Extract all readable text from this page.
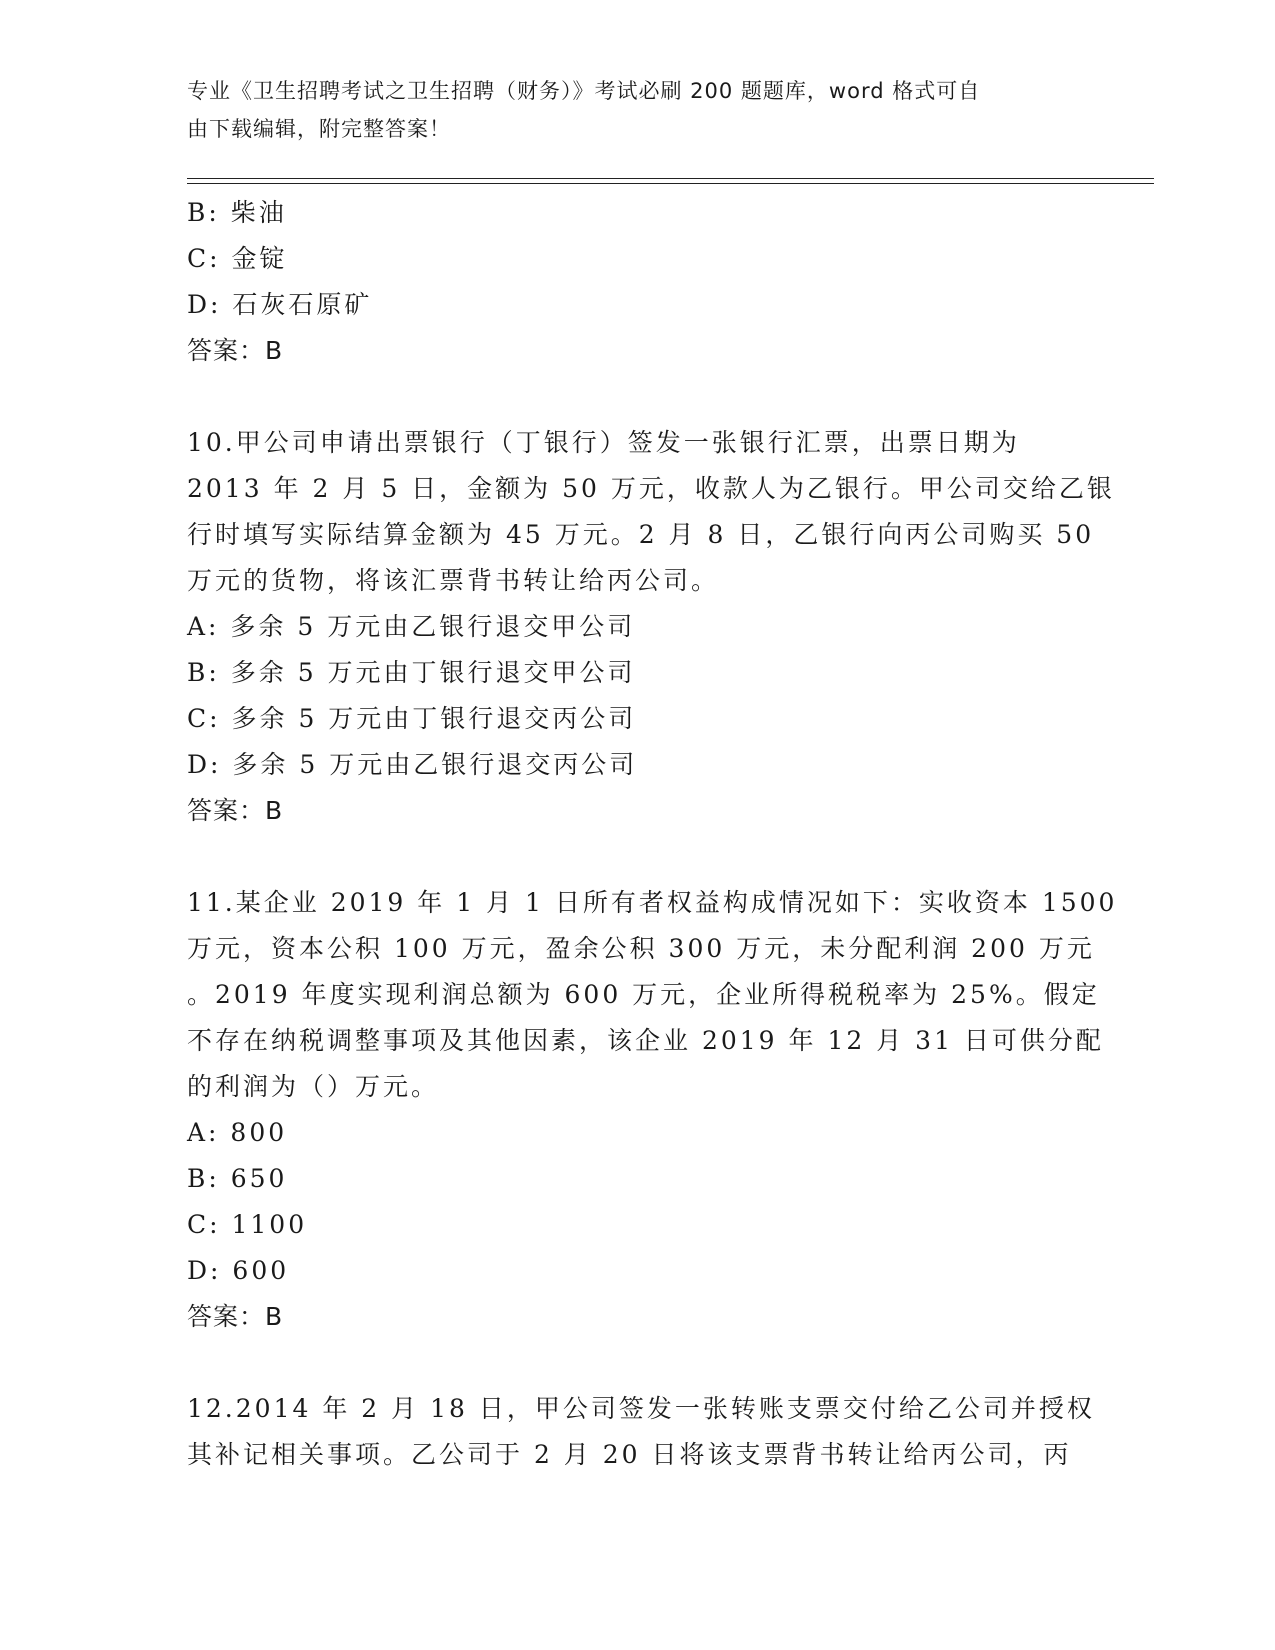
专业《卫生招聘考试之卫生招聘（财务）》考试必刷 200 题题库，word 格式可自
由下载编辑，附完整答案！
B: 柴油
C: 金锭
D: 石灰石原矿
答案：B
10.甲公司申请出票银行（丁银行）签发一张银行汇票，出票日期为
2013 年 2 月 5 日，金额为 50 万元，收款人为乙银行。甲公司交给乙银
行时填写实际结算金额为 45 万元。2 月 8 日，乙银行向丙公司购买 50
万元的货物，将该汇票背书转让给丙公司。
A: 多余 5 万元由乙银行退交甲公司
B: 多余 5 万元由丁银行退交甲公司
C: 多余 5 万元由丁银行退交丙公司
D: 多余 5 万元由乙银行退交丙公司
答案：B
11.某企业 2019 年 1 月 1 日所有者权益构成情况如下：实收资本 1500
万元，资本公积 100 万元，盈余公积 300 万元，未分配利润 200 万元
。2019 年度实现利润总额为 600 万元，企业所得税税率为 25%。假定
不存在纳税调整事项及其他因素，该企业 2019 年 12 月 31 日可供分配
的利润为（）万元。
A: 800
B: 650
C: 1100
D: 600
答案：B
12.2014 年 2 月 18 日，甲公司签发一张转账支票交付给乙公司并授权
其补记相关事项。乙公司于 2 月 20 日将该支票背书转让给丙公司，丙
